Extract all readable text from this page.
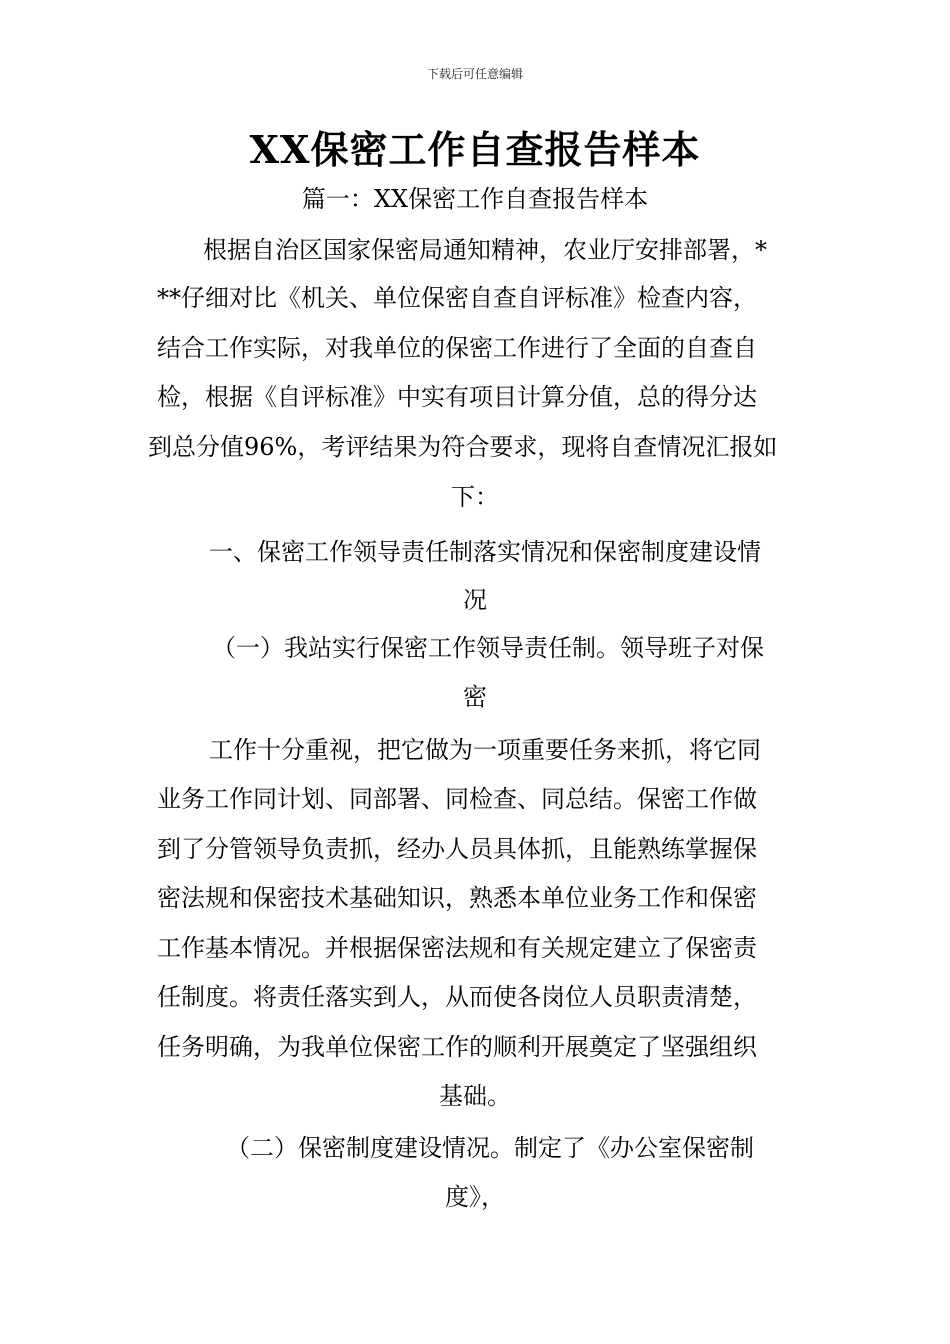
下载后可任意编辑
XX保密工作自查报告样本
篇一：XX保密工作自查报告样本
根据自治区国家保密局通知精神，农业厅安排部署，*
**仔细对比《机关、单位保密自查自评标准》检查内容，
结合工作实际，对我单位的保密工作进行了全面的自查自
检，根据《自评标准》中实有项目计算分值，总的得分达
到总分值96%，考评结果为符合要求，现将自查情况汇报如
下：
一、保密工作领导责任制落实情况和保密制度建设情
况
（一）我站实行保密工作领导责任制。领导班子对保
密
工作十分重视，把它做为一项重要任务来抓，将它同
业务工作同计划、同部署、同检查、同总结。保密工作做
到了分管领导负责抓，经办人员具体抓，且能熟练掌握保
密法规和保密技术基础知识，熟悉本单位业务工作和保密
工作基本情况。并根据保密法规和有关规定建立了保密责
任制度。将责任落实到人，从而使各岗位人员职责清楚，
任务明确，为我单位保密工作的顺利开展奠定了坚强组织
基础。
（二）保密制度建设情况。制定了《办公室保密制
度》，
